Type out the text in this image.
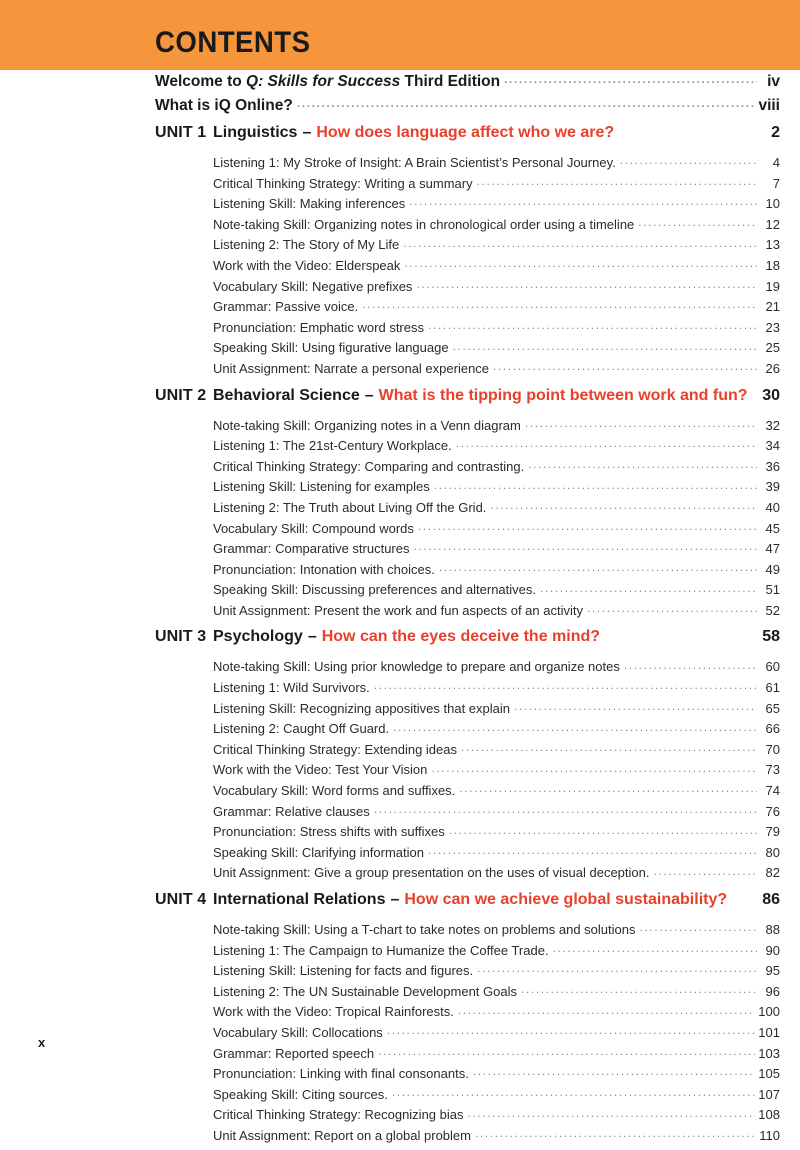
CONTENTS
Welcome to Q: Skills for Success Third Edition .....	iv
What is iQ Online? .....	viii
UNIT 1 Linguistics – How does language affect who we are?	2
Listening 1: My Stroke of Insight: A Brain Scientist’s Personal Journey. .....	4
Critical Thinking Strategy: Writing a summary .....	7
Listening Skill: Making inferences .....	10
Note-taking Skill: Organizing notes in chronological order using a timeline .....	12
Listening 2: The Story of My Life .....	13
Work with the Video: Elderspeak .....	18
Vocabulary Skill: Negative prefixes .....	19
Grammar: Passive voice. .....	21
Pronunciation: Emphatic word stress .....	23
Speaking Skill: Using figurative language .....	25
Unit Assignment: Narrate a personal experience .....	26
UNIT 2 Behavioral Science – What is the tipping point between work and fun? 30
Note-taking Skill: Organizing notes in a Venn diagram .....	32
Listening 1: The 21st-Century Workplace. .....	34
Critical Thinking Strategy: Comparing and contrasting. .....	36
Listening Skill: Listening for examples .....	39
Listening 2: The Truth about Living Off the Grid. .....	40
Vocabulary Skill: Compound words .....	45
Grammar: Comparative structures .....	47
Pronunciation: Intonation with choices. .....	49
Speaking Skill: Discussing preferences and alternatives. .....	51
Unit Assignment: Present the work and fun aspects of an activity .....	52
UNIT 3 Psychology – How can the eyes deceive the mind?	58
Note-taking Skill: Using prior knowledge to prepare and organize notes .....	60
Listening 1: Wild Survivors. .....	61
Listening Skill: Recognizing appositives that explain .....	65
Listening 2: Caught Off Guard. .....	66
Critical Thinking Strategy: Extending ideas .....	70
Work with the Video: Test Your Vision .....	73
Vocabulary Skill: Word forms and suffixes. .....	74
Grammar: Relative clauses .....	76
Pronunciation: Stress shifts with suffixes .....	79
Speaking Skill: Clarifying information .....	80
Unit Assignment: Give a group presentation on the uses of visual deception. .....	82
UNIT 4 International Relations – How can we achieve global sustainability? 86
Note-taking Skill: Using a T-chart to take notes on problems and solutions .....	88
Listening 1: The Campaign to Humanize the Coffee Trade. .....	90
Listening Skill: Listening for facts and figures. .....	95
Listening 2: The UN Sustainable Development Goals .....	96
Work with the Video: Tropical Rainforests. .....	100
Vocabulary Skill: Collocations .....	101
Grammar: Reported speech .....	103
Pronunciation: Linking with final consonants. .....	105
Speaking Skill: Citing sources. .....	107
Critical Thinking Strategy: Recognizing bias .....	108
Unit Assignment: Report on a global problem .....	110
x
